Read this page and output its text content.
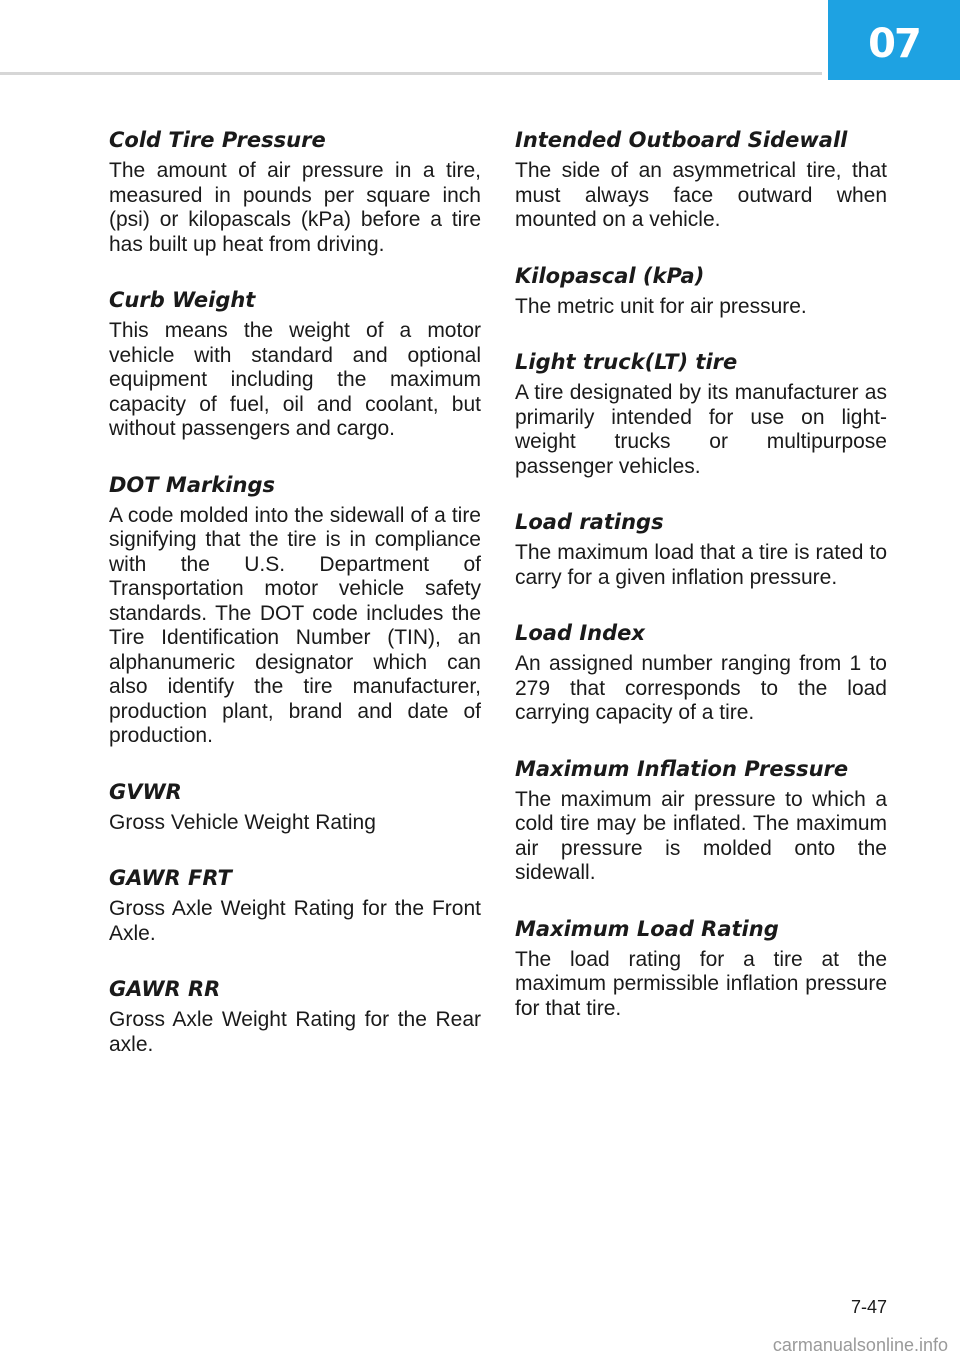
07
Cold Tire Pressure

The amount of air pressure in a tire, measured in pounds per square inch (psi) or kilopascals (kPa) before a tire has built up heat from driving.

Curb Weight

This means the weight of a motor vehicle with standard and optional equipment including the maximum capacity of fuel, oil and coolant, but without passengers and cargo.

DOT Markings

A code molded into the sidewall of a tire signifying that the tire is in compliance with the U.S. Department of Transportation motor vehicle safety standards. The DOT code includes the Tire Identification Number (TIN), an alphanumeric designator which can also identify the tire manufacturer, production plant, brand and date of production.

GVWR

Gross Vehicle Weight Rating

GAWR FRT

Gross Axle Weight Rating for the Front Axle.

GAWR RR

Gross Axle Weight Rating for the Rear axle.

Intended Outboard Sidewall

The side of an asymmetrical tire, that must always face outward when mounted on a vehicle.

Kilopascal (kPa)

The metric unit for air pressure.

Light truck(LT) tire

A tire designated by its manufacturer as primarily intended for use on light-weight trucks or multipurpose passenger vehicles.

Load ratings

The maximum load that a tire is rated to carry for a given inflation pressure.

Load Index

An assigned number ranging from 1 to 279 that corresponds to the load carrying capacity of a tire.

Maximum Inflation Pressure

The maximum air pressure to which a cold tire may be inflated. The maximum air pressure is molded onto the sidewall.

Maximum Load Rating

The load rating for a tire at the maximum permissible inflation pressure for that tire.

7-47
carmanualsonline.info
